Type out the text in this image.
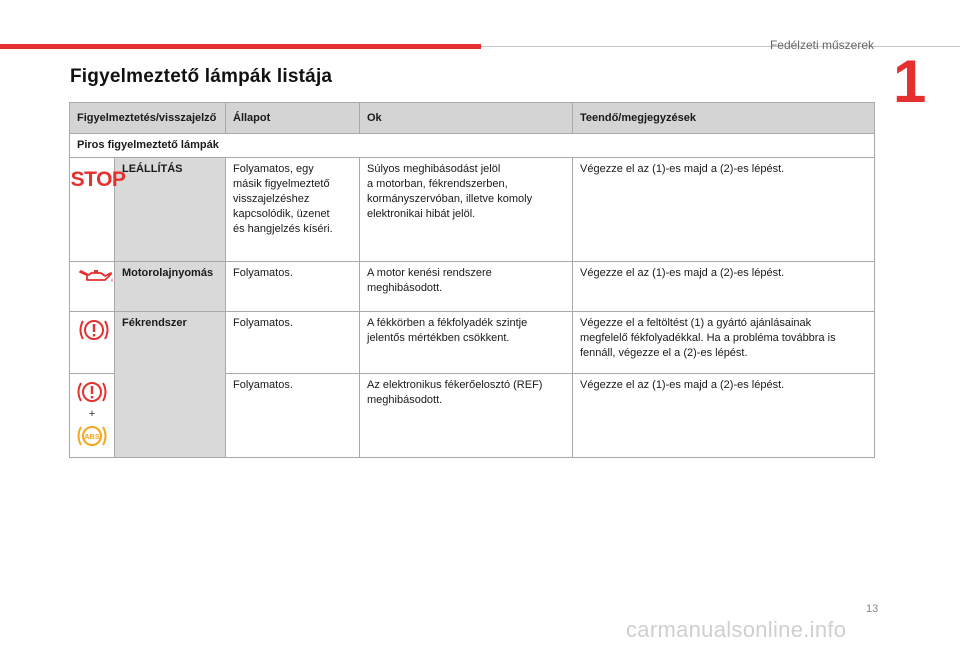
Fedélzeti műszerek
1
Figyelmeztető lámpák listája
Figyelmeztetés/visszajelző		Állapot	Ok	Teendő/megjegyzések
Piros figyelmeztető lámpák				

STOP	LEÁLLÍTÁS	Folyamatos, egy
másik figyelmeztető
visszajelzéshez
kapcsolódik, üzenet
és hangjelzés kíséri.	Súlyos meghibásodást jelöl
a motorban, fékrendszerben,
kormányszervóban, illetve komoly
elektronikai hibát jelöl.	Végezze el az (1)-es majd a (2)-es lépést.

	Motorolajnyomás	Folyamatos.	A motor kenési rendszere
meghibásodott.	Végezze el az (1)-es majd a (2)-es lépést.

	Fékrendszer	Folyamatos.	A fékkörben a fékfolyadék szintje
jelentős mértékben csökkent.	Végezze el a feltöltést (1) a gyártó ajánlásainak
megfelelő fékfolyadékkal. Ha a probléma továbbra is
fennáll, végezze el a (2)-es lépést.

+
ABS		Folyamatos.	Az elektronikus fékerőelosztó (REF)
meghibásodott.	Végezze el az (1)-es majd a (2)-es lépést.
13
carmanualsonline.info
